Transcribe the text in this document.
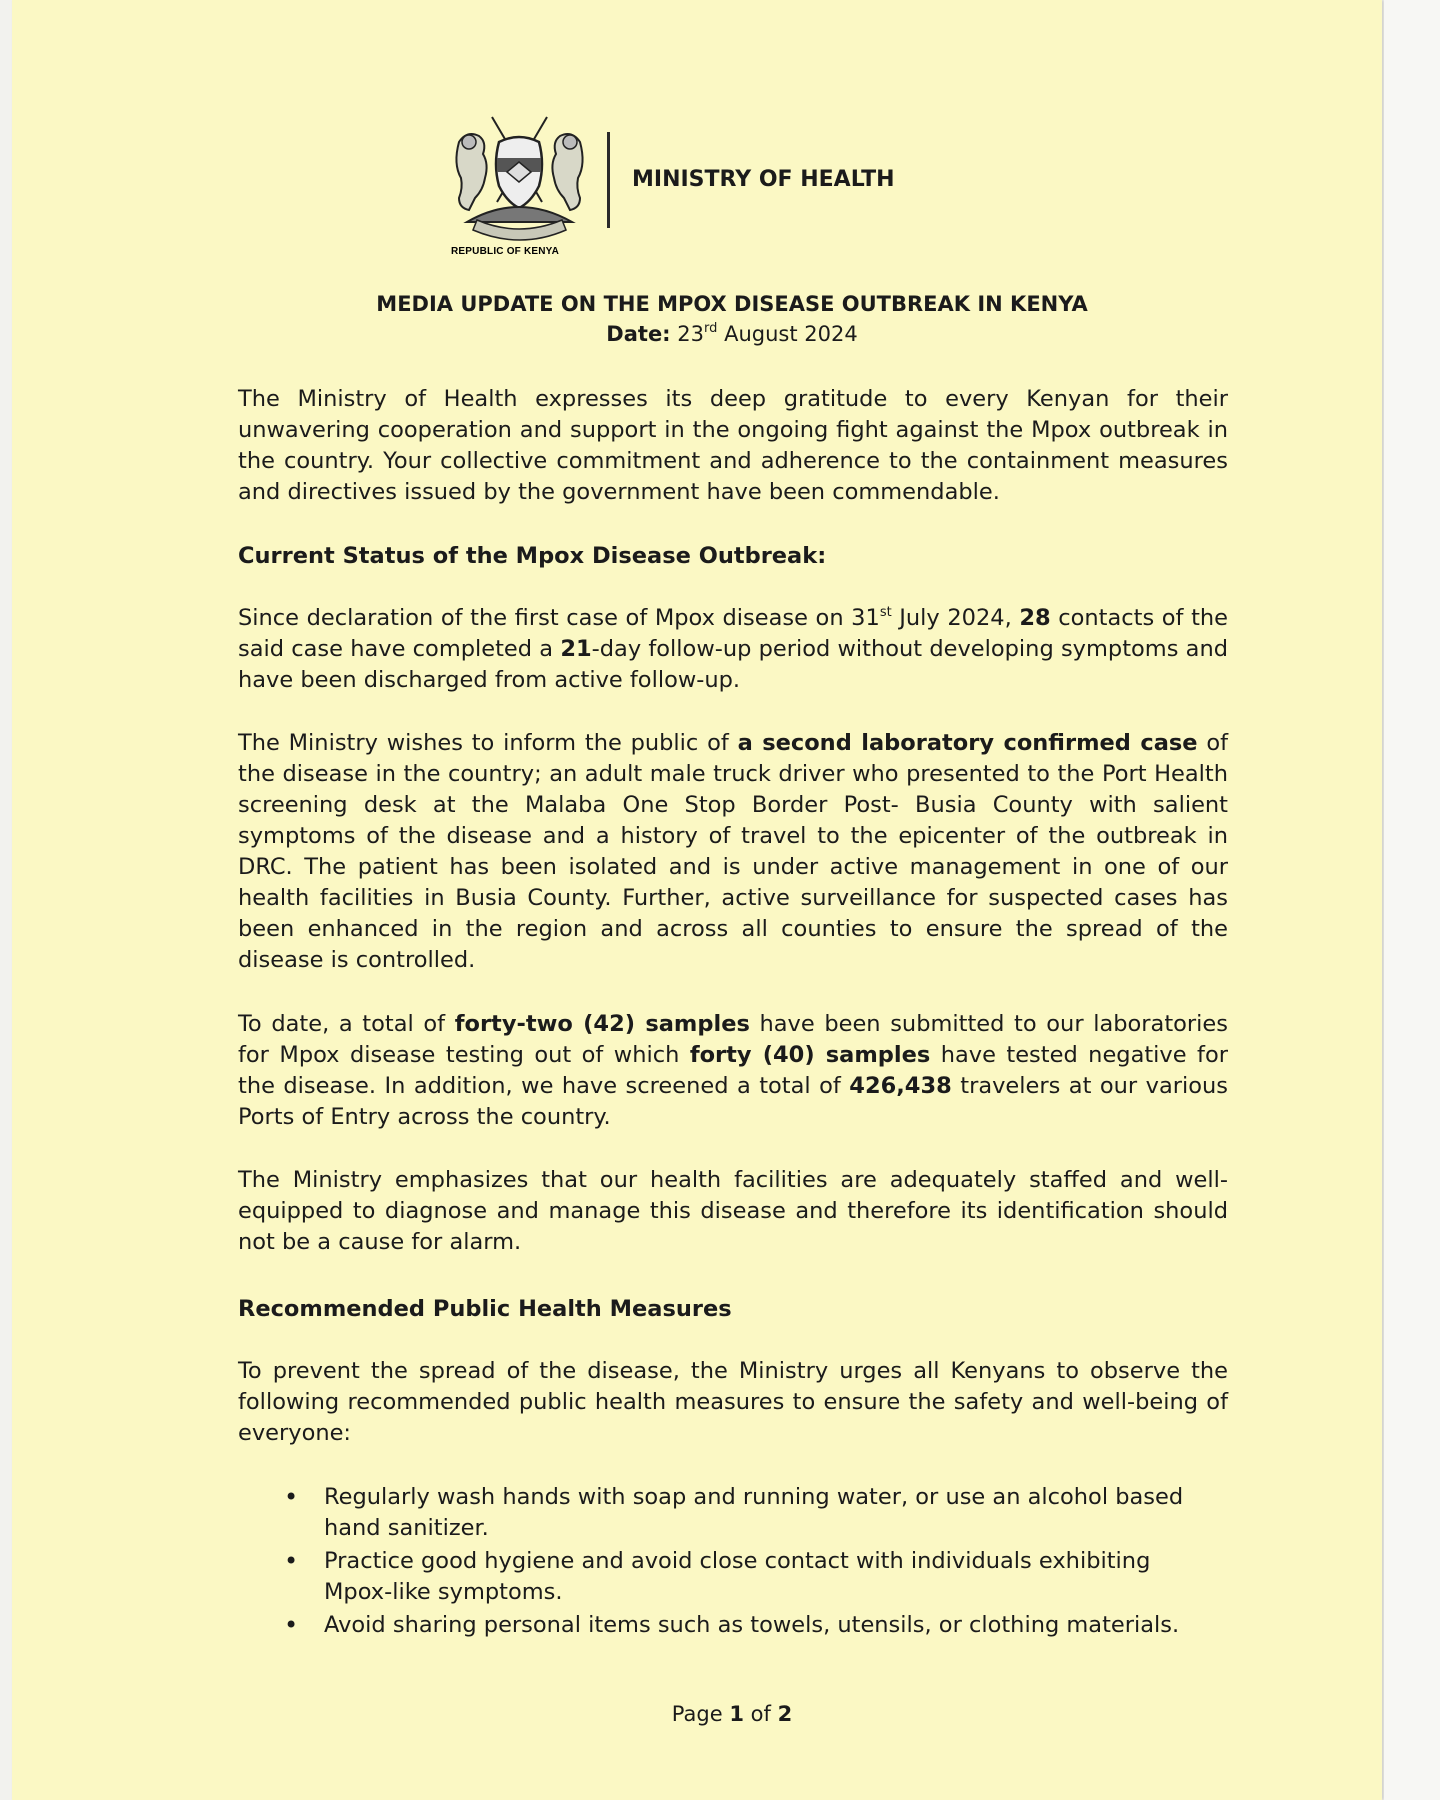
REPUBLIC OF KENYA
MINISTRY OF HEALTH
MEDIA UPDATE ON THE MPOX DISEASE OUTBREAK IN KENYA
Date: 23rd August 2024
The Ministry of Health expresses its deep gratitude to every Kenyan for their unwavering cooperation and support in the ongoing fight against the Mpox outbreak in the country. Your collective commitment and adherence to the containment measures and directives issued by the government have been commendable.
Current Status of the Mpox Disease Outbreak:
Since declaration of the first case of Mpox disease on 31st July 2024, 28 contacts of the said case have completed a 21-day follow-up period without developing symptoms and have been discharged from active follow-up.
The Ministry wishes to inform the public of a second laboratory confirmed case of the disease in the country; an adult male truck driver who presented to the Port Health screening desk at the Malaba One Stop Border Post- Busia County with salient symptoms of the disease and a history of travel to the epicenter of the outbreak in DRC. The patient has been isolated and is under active management in one of our health facilities in Busia County. Further, active surveillance for suspected cases has been enhanced in the region and across all counties to ensure the spread of the disease is controlled.
To date, a total of forty-two (42) samples have been submitted to our laboratories for Mpox disease testing out of which forty (40) samples have tested negative for the disease. In addition, we have screened a total of 426,438 travelers at our various Ports of Entry across the country.
The Ministry emphasizes that our health facilities are adequately staffed and well-equipped to diagnose and manage this disease and therefore its identification should not be a cause for alarm.
Recommended Public Health Measures
To prevent the spread of the disease, the Ministry urges all Kenyans to observe the following recommended public health measures to ensure the safety and well-being of everyone:
• Regularly wash hands with soap and running water, or use an alcohol based hand sanitizer.
• Practice good hygiene and avoid close contact with individuals exhibiting Mpox-like symptoms.
• Avoid sharing personal items such as towels, utensils, or clothing materials.
Page 1 of 2
